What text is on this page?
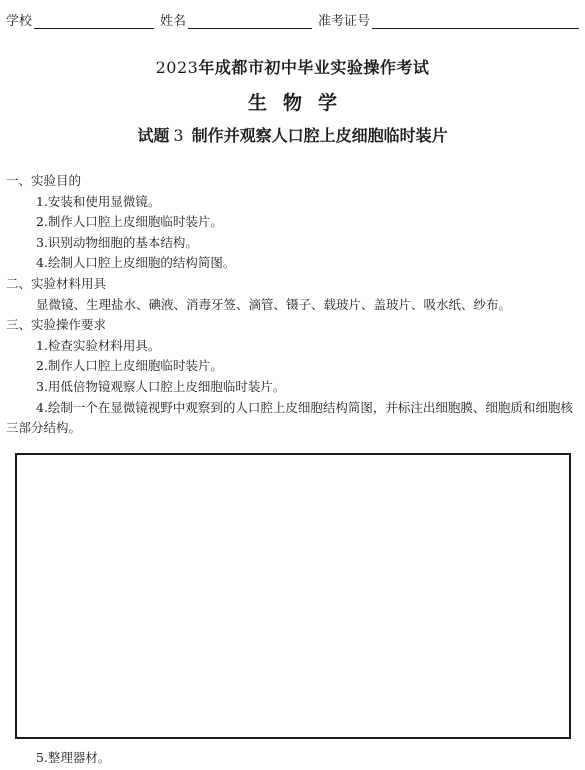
学校	姓名	准考证号
2023年成都市初中毕业实验操作考试
生物学
试题 3 制作并观察人口腔上皮细胞临时装片

一、实验目的

1.安装和使用显微镜。

2.制作人口腔上皮细胞临时装片。

3.识别动物细胞的基本结构。

4.绘制人口腔上皮细胞的结构简图。

二、实验材料用具

显微镜、生理盐水、碘液、消毒牙签、滴管、镊子、载玻片、盖玻片、吸水纸、纱布。

三、实验操作要求

1.检查实验材料用具。

2.制作人口腔上皮细胞临时装片。

3.用低倍物镜观察人口腔上皮细胞临时装片。

4.绘制一个在显微镜视野中观察到的人口腔上皮细胞结构简图，并标注出细胞膜、细胞质和细胞核三部分结构。

5.整理器材。
